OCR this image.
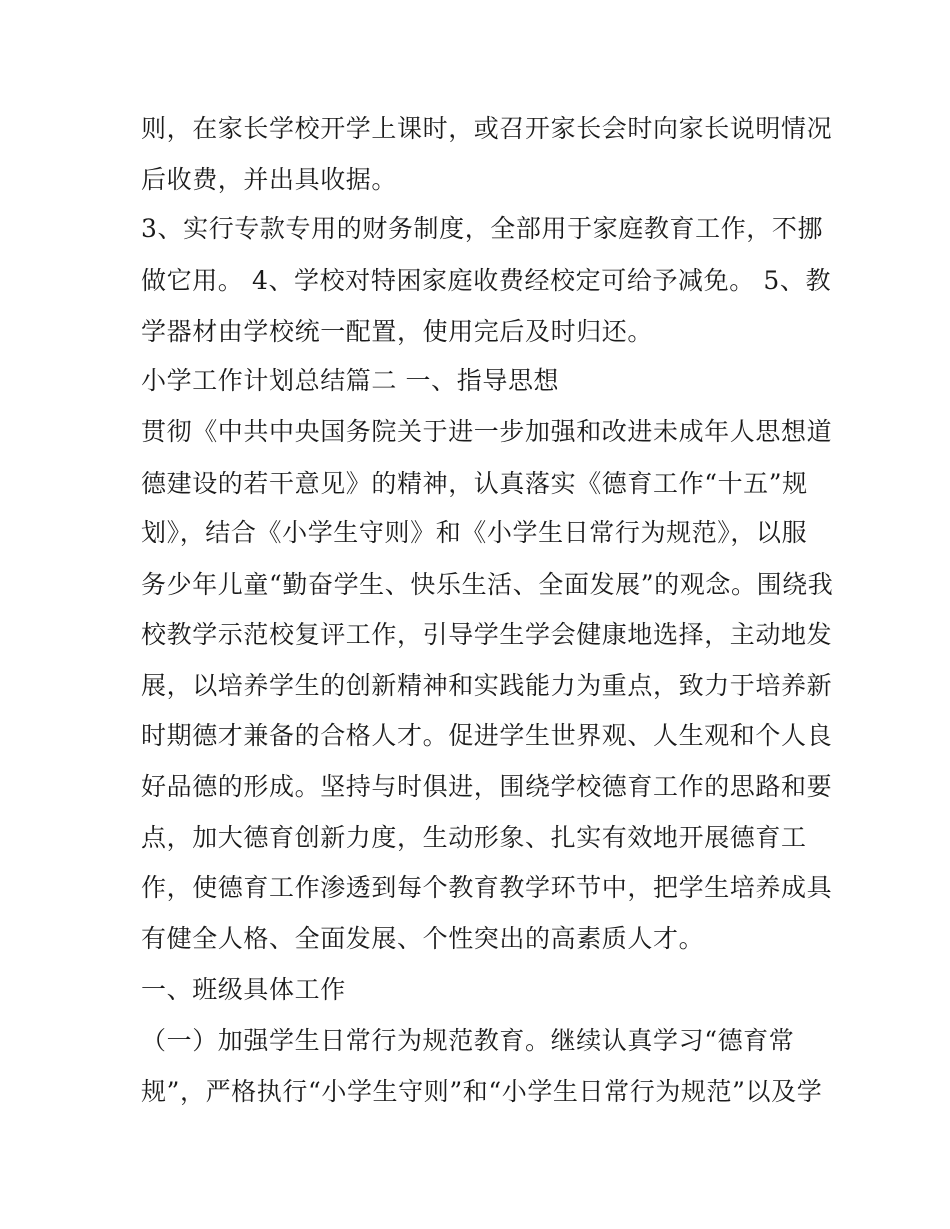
则，在家长学校开学上课时，或召开家长会时向家长说明情况
后收费，并出具收据。
3、实行专款专用的财务制度，全部用于家庭教育工作，不挪
做它用。 4、学校对特困家庭收费经校定可给予减免。 5、教
学器材由学校统一配置，使用完后及时归还。
小学工作计划总结篇二 一、指导思想
贯彻《中共中央国务院关于进一步加强和改进未成年人思想道
德建设的若干意见》的精神，认真落实《德育工作“十五”规
划》，结合《小学生守则》和《小学生日常行为规范》，以服
务少年儿童“勤奋学生、快乐生活、全面发展”的观念。围绕我
校教学示范校复评工作，引导学生学会健康地选择，主动地发
展，以培养学生的创新精神和实践能力为重点，致力于培养新
时期德才兼备的合格人才。促进学生世界观、人生观和个人良
好品德的形成。坚持与时俱进，围绕学校德育工作的思路和要
点，加大德育创新力度，生动形象、扎实有效地开展德育工
作，使德育工作渗透到每个教育教学环节中，把学生培养成具
有健全人格、全面发展、个性突出的高素质人才。
一、班级具体工作
（一）加强学生日常行为规范教育。继续认真学习“德育常
规”，严格执行“小学生守则”和“小学生日常行为规范”以及学
